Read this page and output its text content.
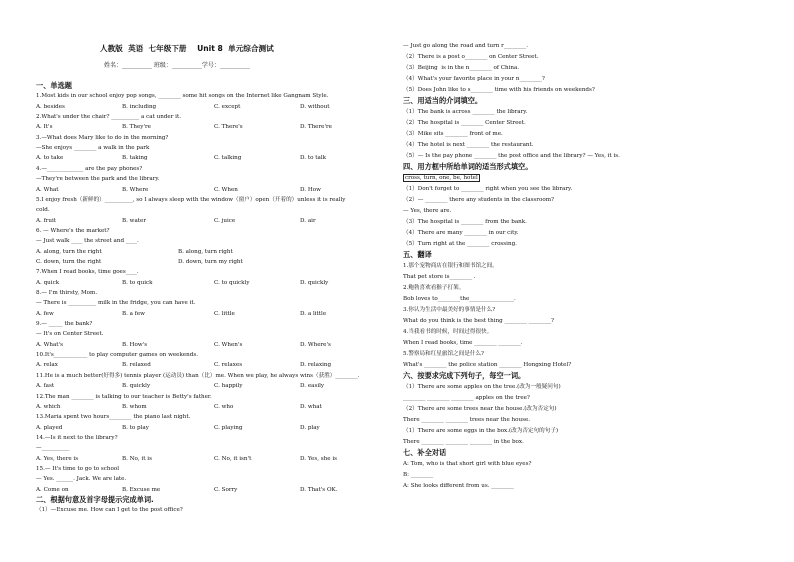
人教版  英语  七年级下册    Unit 8  单元综合测试
姓名：__________ 班级：__________学号：__________
一、单选题
1.Most kids in our school enjoy pop songs, ________ some hit songs on the Internet like Gangnam Style.
A. besides	B. including	C. except	D. without
2.What's under the chair? __________ a cat under it.
A. It's	B. They're	C. There's	D. There're
3.—What does Mary like to do in the morning?
—She enjoys ________ a walk in the park
A. to take	B. taking	C. talking	D. to talk
4.—_____________ are the pay phones?
—They're between the park and the library.
A. What	B. Where	C. When	D. How
5.I enjoy fresh（新鲜的）__________, so I always sleep with the window（窗户）open（开着的）unless it is really
cold.
A. fruit	B. water	C. juice	D. air
6. — Where's the market?
— Just walk ____ the street and ____.
A. along, turn the right	B. along, turn right
C. down, turn the right	D. down, turn my right
7.When I read books, time goes____.
A. quick	B. to quick	C. to quickly	D. quickly
8.— I'm thirsty, Mom.
— There is __________ milk in the fridge, you can have it.
A. few	B. a few	C. little	D. a little
9.— _____ the bank?
— It's on Center Street.
A. What's	B. How's	C. When's	D. Where's
10.It's____________ to play computer games on weekends.
A. relax	B. relaxed	C. relaxes	D. relaxing
11.He is a much better(好得多) tennis player (运动员) than（比）me. When we play, he always wins（获胜）________.
A. fast	B. quickly	C. happily	D. easily
12.The man ________ is talking to our teacher is Betty's father.
A. which	B. whom	C. who	D. what
13.Maria spent two hours________ the piano last night.
A. played	B. to play	C. playing	D. play
14.—Is it next to the library?
—__________
A. Yes, there is	B. No, it is	C. No, it isn't	D. Yes, she is
15.— It's time to go to school
— Yes. ______. Jack. We are late.
A. Come on	B. Excuse me	C. Sorry	D. That's OK.
二、根据句意及首字母提示完成单词.
（1）—Excuse me. How can I get to the post office?
— Just go along the road and turn r________.
（2）There is a post o________ on Center Street.
（3）Beijing  is in the n________ of China.
（4）What's your favorite place in your n________?
（5）Does John like to s________ time with his friends on weekends?
三、用适当的介词填空。
（1）The bank is across ________ the library.
（2）The hospital is ________ Center Street.
（3）Mike sits ________ front of me.
（4）The hotel is next ________ the restaurant.
（5）— Is the pay phone ________ the post office and the library? — Yes, it is.
四、用方框中所给单词的适当形式填空。
cross, turn, one, be, hotel
（1）Don't forget to ________ right when you see the library.
（2）— ________ there any students in the classroom?
— Yes, there are.
（3）The hospital is ________ from the bank.
（4）There are many ________ in our city.
（5）Turn right at the ________ crossing.
五、翻译
1.那个宠物商店在银行和图书馆之间。
That pet store is________ .
2.鲍勃喜欢看猴子打架。
Bob loves to________the________________.
3.你认为生活中最美好的事情是什么?
What do you think is the best thing ________ ________?
4.当我看书的时候，时间过得很快。
When I read books, time ________ ________.
5.警察局和红星旅馆之间是什么?
What's ________ the police station ________ Hongxing Hotel?
六、按要求完成下列句子，每空一词。
（1）There are some apples on the tree.(改为一般疑问句)
________ ________ ________ apples on the tree?
（2）There are some trees near the house.(改为否定句)
There ________ ________ trees near the house.
（1）There are some eggs in the box.(改为否定句的句子)
There ________ ________ ________ in the box.
七、补全对话
A: Tom, who is that short girl with blue eyes?
B: ________
A: She looks different from us. ________
